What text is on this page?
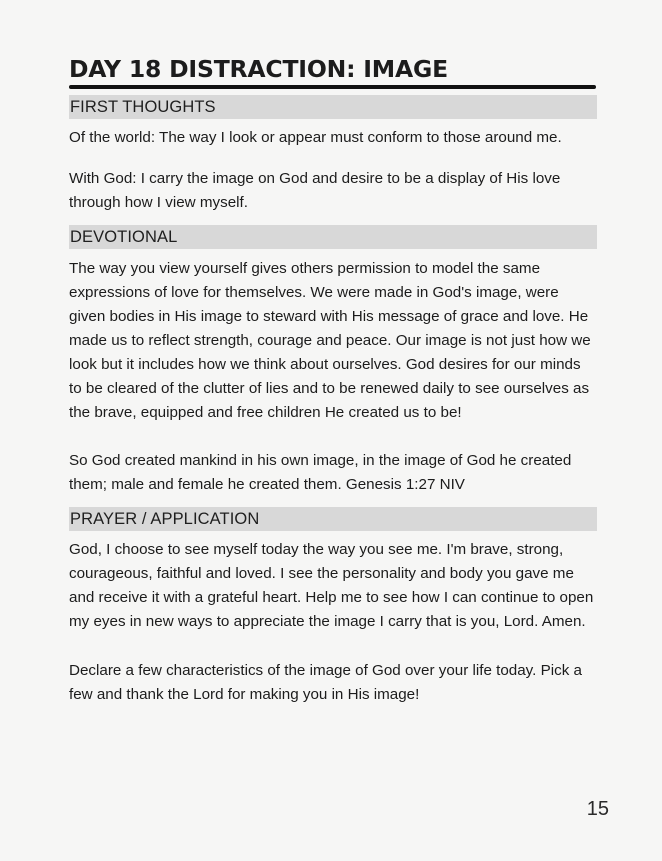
DAY 18 DISTRACTION: IMAGE
FIRST THOUGHTS

Of the world: The way I look or appear must conform to those around me.

With God: I carry the image on God and desire to be a display of His love through how I view myself.

DEVOTIONAL

The way you view yourself gives others permission to model the same expressions of love for themselves. We were made in God's image, were given bodies in His image to steward with His message of grace and love. He made us to reflect strength, courage and peace. Our image is not just how we look but it includes how we think about ourselves. God desires for our minds to be cleared of the clutter of lies and to be renewed daily to see ourselves as the brave, equipped and free children He created us to be!

So God created mankind in his own image, in the image of God he created them; male and female he created them. Genesis 1:27 NIV

PRAYER / APPLICATION

God, I choose to see myself today the way you see me. I'm brave, strong, courageous, faithful and loved. I see the personality and body you gave me and receive it with a grateful heart. Help me to see how I can continue to open my eyes in new ways to appreciate the image I carry that is you, Lord. Amen.

Declare a few characteristics of the image of God over your life today. Pick a few and thank the Lord for making you in His image!

15
